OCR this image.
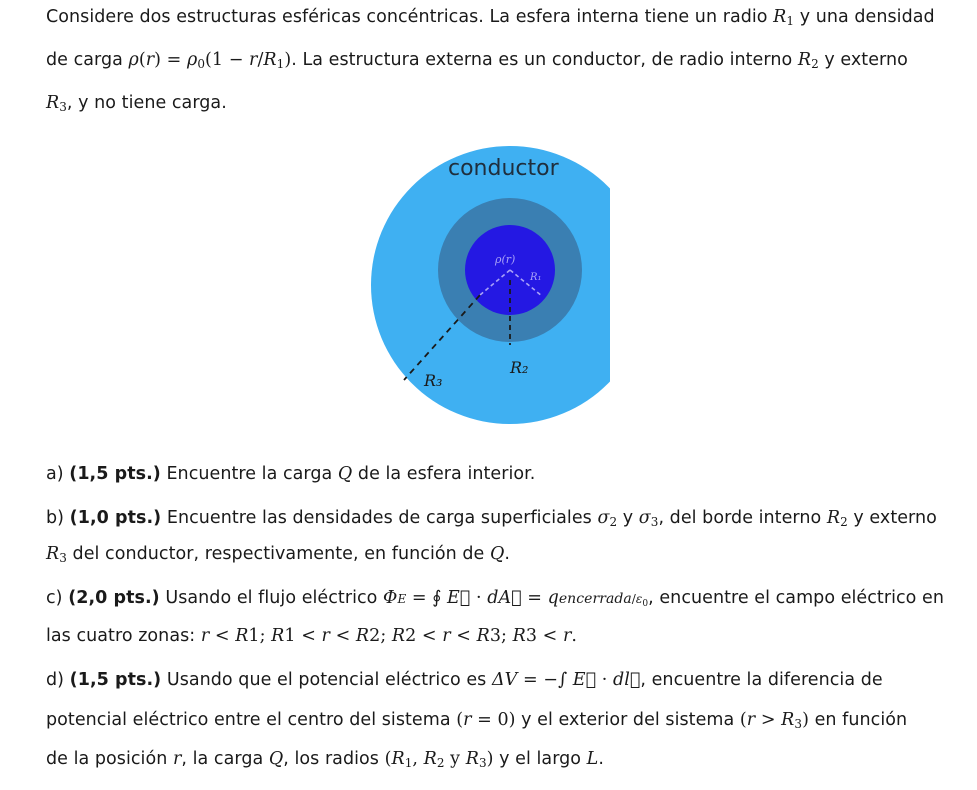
Considere dos estructuras esféricas concéntricas. La esfera interna tiene un radio $R_1$ y una densidad
de carga $\rho(r) = \rho_0(1 - r/R_1)$. La estructura externa es un conductor, de radio interno $R_2$ y externo
$R_3$, y no tiene carga.
conductor
ρ(r)
R₁
R₂
R₃
a) (1,5 pts.) Encuentre la carga Q de la esfera interior.
b) (1,0 pts.) Encuentre las densidades de carga superficiales $\sigma_2$ y $\sigma_3$, del borde interno $R_2$ y externo
$R_3$ del conductor, respectivamente, en función de Q.
c) (2,0 pts.) Usando el flujo eléctrico ΦE = ∮ E⃗ · dA⃗ = qencerrada/$\varepsilon_0$, encuentre el campo eléctrico en
las cuatro zonas: r < R1; R1 < r < R2; R2 < r < R3; R3 < r.
d) (1,5 pts.) Usando que el potencial eléctrico es ΔV = −∫ E⃗ · dl⃗, encuentre la diferencia de
potencial eléctrico entre el centro del sistema (r = 0) y el exterior del sistema $(r > R_3)$ en función
de la posición r, la carga Q, los radios ($R_1$, $R_2$ y $R_3$) y el largo L.
